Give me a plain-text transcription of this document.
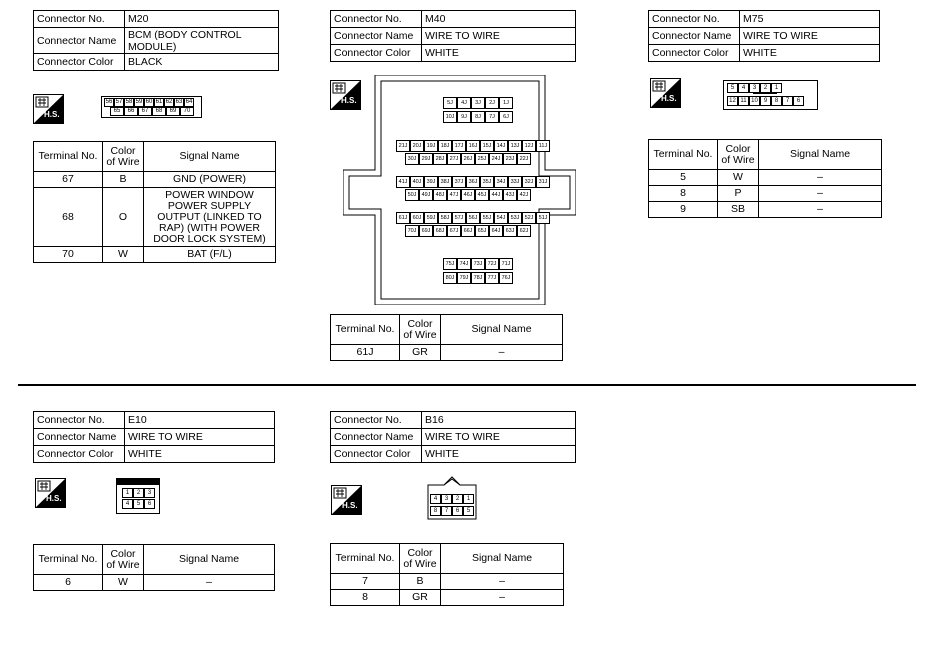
Connector No.	M20
Connector Name	BCM (BODY CONTROL MODULE)
Connector Color	BLACK
H.S.
56 57 58 59 60 61 62 63 64
65	66	67	68	69	70
Terminal No.	Color of Wire	Signal Name
67	B	GND (POWER)
68	O	POWER WINDOW POWER SUPPLY OUTPUT (LINKED TO RAP) (WITH POWER DOOR LOCK SYSTEM)
70	W	BAT (F/L)
Connector No.	M40
Connector Name	WIRE TO WIRE
Connector Color	WHITE
H.S.	5J	4J	3J	2J	1J
10J	9J	8J	7J	6J
21J 20J 19J 18J 17J 16J 15J 14J 13J 12J 11J
30J 29J 28J 27J 26J 25J 24J 23J 22J
41J 40J 39J 38J 37J 36J 35J 34J 33J 32J 31J
50J 49J 48J 47J 46J 45J 44J 43J 42J
61J 60J 59J 58J 57J 56J 55J 54J 53J 52J 51J
70J 69J 68J 67J 66J 65J 64J 63J 62J
75J 74J 73J 72J 71J
80J 79J 78J 77J 76J
Terminal No.	Color of Wire	Signal Name
61J	GR	–
Connector No.	M75
Connector Name	WIRE TO WIRE
Connector Color	WHITE
H.S.
5	4	3	2	1
12 11 10 9	8	7	6
Terminal No.	Color of Wire	Signal Name
5	W	–
8	P	–
9	SB	–
Connector No.	E10
Connector Name	WIRE TO WIRE
Connector Color	WHITE
H.S.
1	2	3
4	5	6
Terminal No.	Color of Wire	Signal Name
6	W	–
Connector No.	B16
Connector Name	WIRE TO WIRE
Connector Color	WHITE
H.S.
4	3	2	1
8	7	6	5
Terminal No.	Color of Wire	Signal Name
7	B	–
8	GR	–
